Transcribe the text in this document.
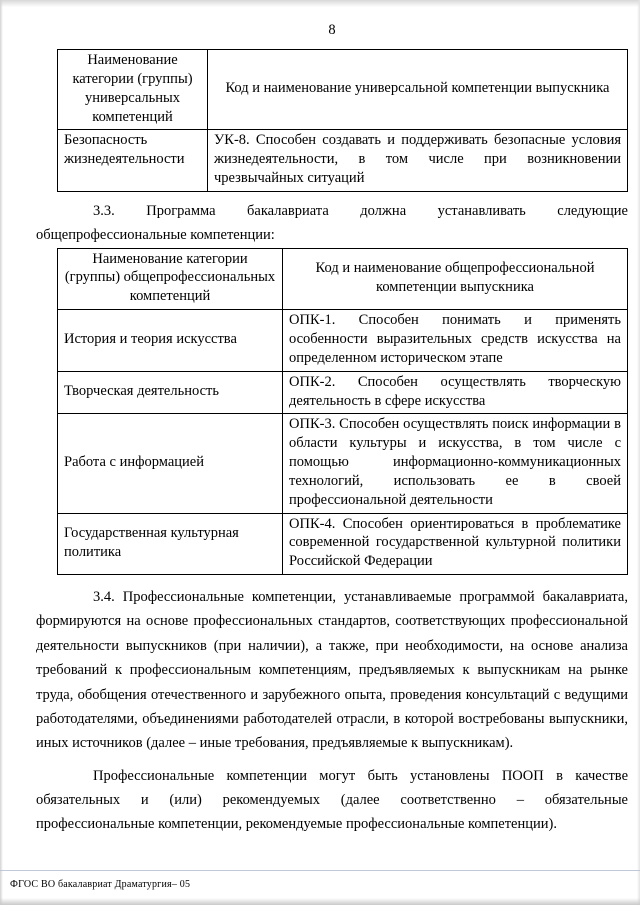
8
Наименование категории (группы) универсальных компетенций	Код и наименование универсальной компетенции выпускника
Безопасность жизнедеятельности	УК-8. Способен создавать и поддерживать безопасные условия жизнедеятельности, в том числе при возникновении чрезвычайных ситуаций

3.3. Программа бакалавриата должна устанавливать следующие общепрофессиональные компетенции:

Наименование категории (группы) общепрофессиональных компетенций	Код и наименование общепрофессиональной компетенции выпускника
История и теория искусства	ОПК-1. Способен понимать и применять особенности выразительных средств искусства на определенном историческом этапе
Творческая деятельность	ОПК-2. Способен осуществлять творческую деятельность в сфере искусства
Работа с информацией	ОПК-3. Способен осуществлять поиск информации в области культуры и искусства, в том числе с помощью информационно-коммуникационных технологий, использовать ее в своей профессиональной деятельности
Государственная культурная политика	ОПК-4. Способен ориентироваться в проблематике современной государственной культурной политики Российской Федерации

3.4. Профессиональные компетенции, устанавливаемые программой бакалавриата, формируются на основе профессиональных стандартов, соответствующих профессиональной деятельности выпускников (при наличии), а также, при необходимости, на основе анализа требований к профессиональным компетенциям, предъявляемых к выпускникам на рынке труда, обобщения отечественного и зарубежного опыта, проведения консультаций с ведущими работодателями, объединениями работодателей отрасли, в которой востребованы выпускники, иных источников (далее – иные требования, предъявляемые к выпускникам).

Профессиональные компетенции могут быть установлены ПООП в качестве обязательных и (или) рекомендуемых (далее соответственно – обязательные профессиональные компетенции, рекомендуемые профессиональные компетенции).

ФГОС ВО бакалавриат Драматургия– 05
